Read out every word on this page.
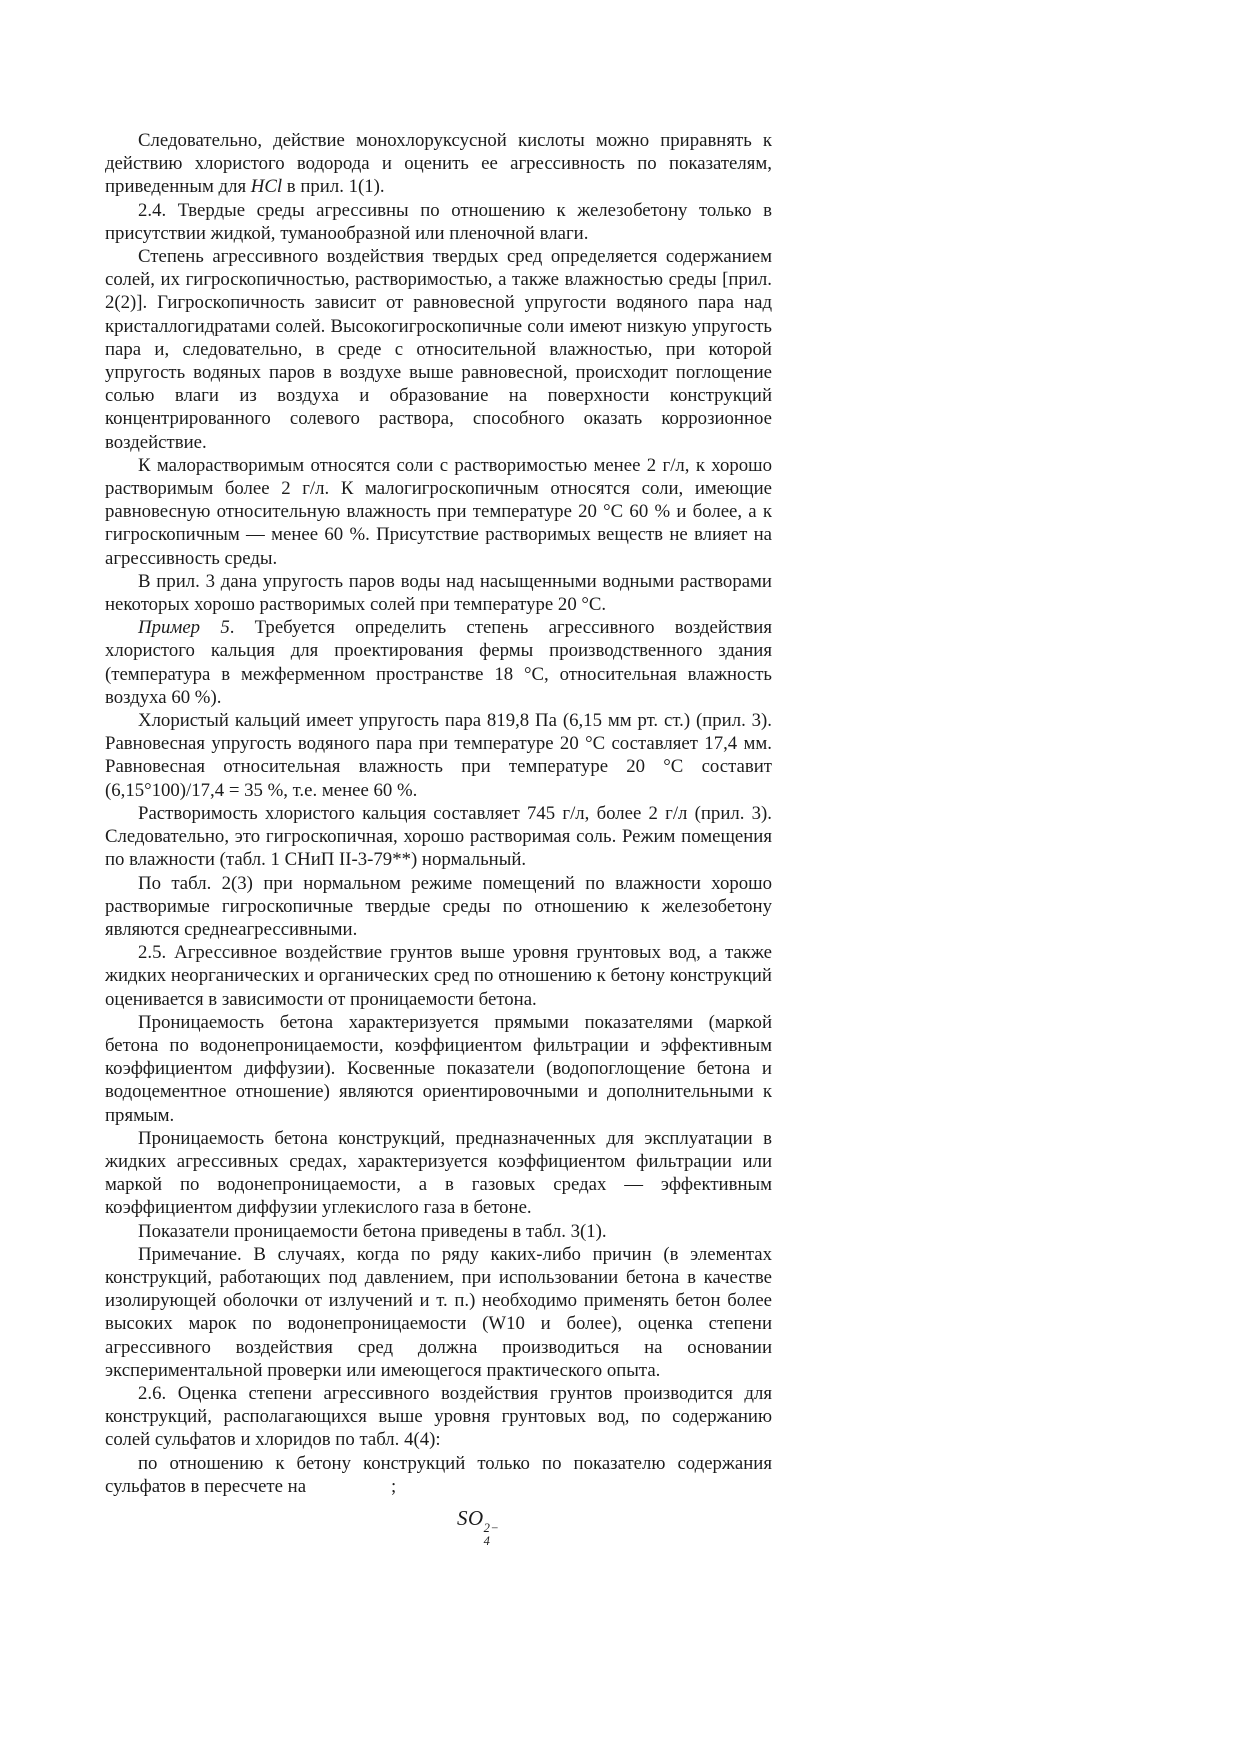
Следовательно, действие монохлоруксусной кислоты можно приравнять к действию хлористого водорода и оценить ее агрессивность по показателям, приведенным для HCl в прил. 1(1).

2.4. Твердые среды агрессивны по отношению к железобетону только в присутствии жидкой, туманообразной или пленочной влаги.

Степень агрессивного воздействия твердых сред определяется содержанием солей, их гигроскопичностью, растворимостью, а также влажностью среды [прил. 2(2)]. Гигроскопичность зависит от равновесной упругости водяного пара над кристаллогидратами солей. Высокогигроскопичные соли имеют низкую упругость пара и, следовательно, в среде с относительной влажностью, при которой упругость водяных паров в воздухе выше равновесной, происходит поглощение солью влаги из воздуха и образование на поверхности конструкций концентрированного солевого раствора, способного оказать коррозионное воздействие.

К малорастворимым относятся соли с растворимостью менее 2 г/л, к хорошо растворимым более 2 г/л. К малогигроскопичным относятся соли, имеющие равновесную относительную влажность при температуре 20 °С 60 % и более, а к гигроскопичным — менее 60 %. Присутствие растворимых веществ не влияет на агрессивность среды.

В прил. 3 дана упругость паров воды над насыщенными водными растворами некоторых хорошо растворимых солей при температуре 20 °С.

Пример 5. Требуется определить степень агрессивного воздействия хлористого кальция для проектирования фермы производственного здания (температура в межферменном пространстве 18 °С, относительная влажность воздуха 60 %).

Хлористый кальций имеет упругость пара 819,8 Па (6,15 мм рт. ст.) (прил. 3). Равновесная упругость водяного пара при температуре 20 °С составляет 17,4 мм. Равновесная относительная влажность при температуре 20 °С составит (6,15°100)/17,4 = 35 %, т.е. менее 60 %.

Растворимость хлористого кальция составляет 745 г/л, более 2 г/л (прил. 3). Следовательно, это гигроскопичная, хорошо растворимая соль. Режим помещения по влажности (табл. 1 СНиП II-3-79**) нормальный.

По табл. 2(3) при нормальном режиме помещений по влажности хорошо растворимые гигроскопичные твердые среды по отношению к железобетону являются среднеагрессивными.

2.5. Агрессивное воздействие грунтов выше уровня грунтовых вод, а также жидких неорганических и органических сред по отношению к бетону конструкций оценивается в зависимости от проницаемости бетона.

Проницаемость бетона характеризуется прямыми показателями (маркой бетона по водонепроницаемости, коэффициентом фильтрации и эффективным коэффициентом диффузии). Косвенные показатели (водопоглощение бетона и водоцементное отношение) являются ориентировочными и дополнительными к прямым.

Проницаемость бетона конструкций, предназначенных для эксплуатации в жидких агрессивных средах, характеризуется коэффициентом фильтрации или маркой по водонепроницаемости, а в газовых средах — эффективным коэффициентом диффузии углекислого газа в бетоне.

Показатели проницаемости бетона приведены в табл. 3(1).

Примечание. В случаях, когда по ряду каких-либо причин (в элементах конструкций, работающих под давлением, при использовании бетона в качестве изолирующей оболочки от излучений и т. п.) необходимо применять бетон более высоких марок по водонепроницаемости (W10 и более), оценка степени агрессивного воздействия сред должна производиться на основании экспериментальной проверки или имеющегося практического опыта.

2.6. Оценка степени агрессивного воздействия грунтов производится для конструкций, располагающихся выше уровня грунтовых вод, по содержанию солей сульфатов и хлоридов по табл. 4(4):

по отношению к бетону конструкций только по показателю содержания сульфатов в пересчете на	;

SO 2−
4
